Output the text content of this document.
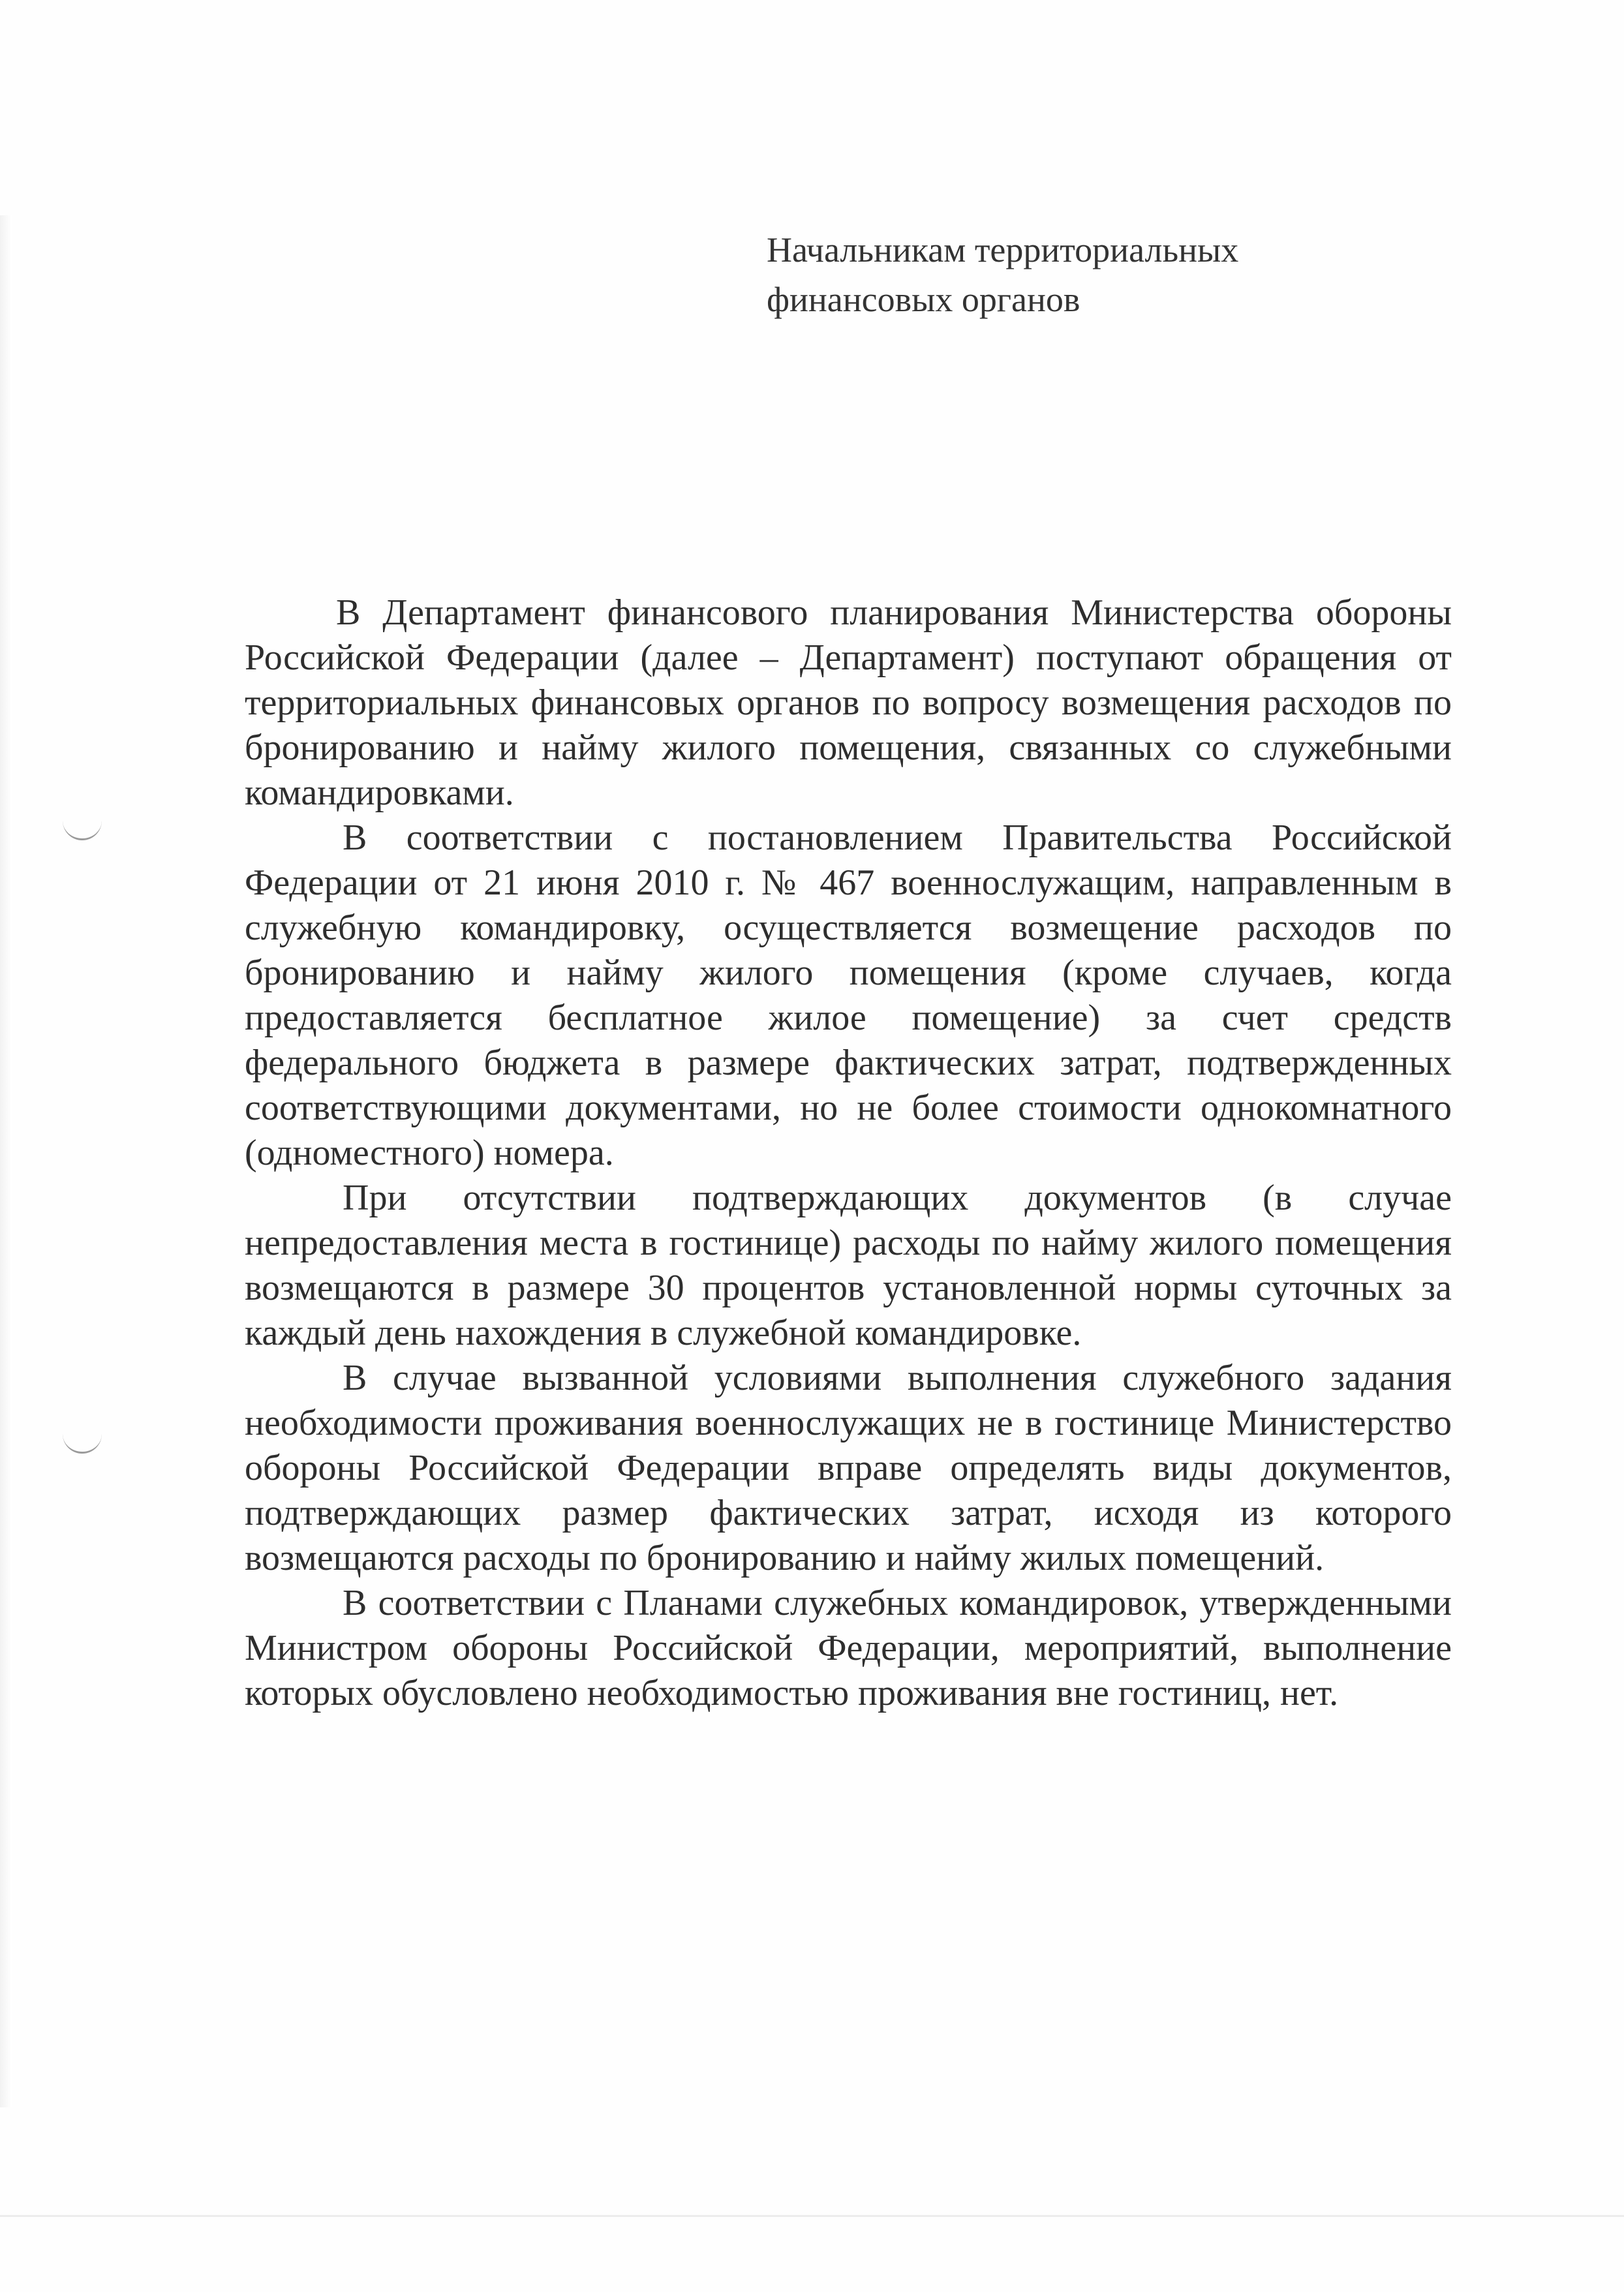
Начальникам территориальных
финансовых органов

В Департамент финансового планирования Министерства обороны Российской Федерации (далее – Департамент) поступают обращения от территориальных финансовых органов по вопросу возмещения расходов по бронированию и найму жилого помещения, связанных со служебными командировками.

В соответствии с постановлением Правительства Российской Федерации от 21 июня 2010 г. № 467 военнослужащим, направленным в служебную командировку, осуществляется возмещение расходов по бронированию и найму жилого помещения (кроме случаев, когда предоставляется бесплатное жилое помещение) за счет средств федерального бюджета в размере фактических затрат, подтвержденных соответствующими документами, но не более стоимости однокомнатного (одноместного) номера.

При отсутствии подтверждающих документов (в случае непредоставления места в гостинице) расходы по найму жилого помещения возмещаются в размере 30 процентов установленной нормы суточных за каждый день нахождения в служебной командировке.

В случае вызванной условиями выполнения служебного задания необходимости проживания военнослужащих не в гостинице Министерство обороны Российской Федерации вправе определять виды документов, подтверждающих размер фактических затрат, исходя из которого возмещаются расходы по бронированию и найму жилых помещений.

В соответствии с Планами служебных командировок, утвержденными Министром обороны Российской Федерации, мероприятий, выполнение которых обусловлено необходимостью проживания вне гостиниц, нет.
